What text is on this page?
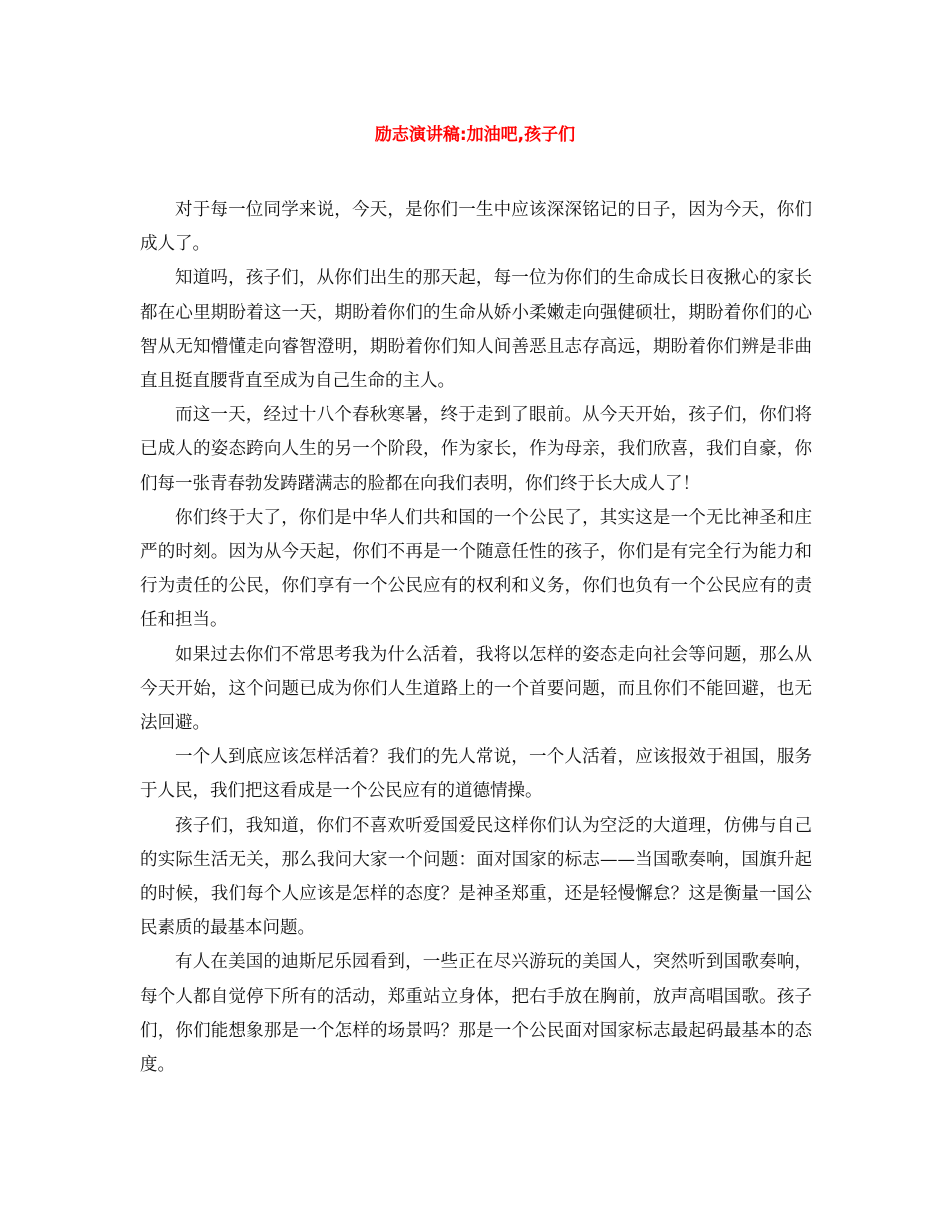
励志演讲稿:加油吧,孩子们

对于每一位同学来说，今天，是你们一生中应该深深铭记的日子，因为今天，你们成人了。

知道吗，孩子们，从你们出生的那天起，每一位为你们的生命成长日夜揪心的家长都在心里期盼着这一天，期盼着你们的生命从娇小柔嫩走向强健硕壮，期盼着你们的心智从无知懵懂走向睿智澄明，期盼着你们知人间善恶且志存高远，期盼着你们辨是非曲直且挺直腰背直至成为自己生命的主人。

而这一天，经过十八个春秋寒暑，终于走到了眼前。从今天开始，孩子们，你们将已成人的姿态跨向人生的另一个阶段，作为家长，作为母亲，我们欣喜，我们自豪，你们每一张青春勃发踌躇满志的脸都在向我们表明，你们终于长大成人了！

你们终于大了，你们是中华人们共和国的一个公民了，其实这是一个无比神圣和庄严的时刻。因为从今天起，你们不再是一个随意任性的孩子，你们是有完全行为能力和行为责任的公民，你们享有一个公民应有的权利和义务，你们也负有一个公民应有的责任和担当。

如果过去你们不常思考我为什么活着，我将以怎样的姿态走向社会等问题，那么从今天开始，这个问题已成为你们人生道路上的一个首要问题，而且你们不能回避，也无法回避。

一个人到底应该怎样活着？我们的先人常说，一个人活着，应该报效于祖国，服务于人民，我们把这看成是一个公民应有的道德情操。

孩子们，我知道，你们不喜欢听爱国爱民这样你们认为空泛的大道理，仿佛与自己的实际生活无关，那么我问大家一个问题：面对国家的标志——当国歌奏响，国旗升起的时候，我们每个人应该是怎样的态度？是神圣郑重，还是轻慢懈怠？这是衡量一国公民素质的最基本问题。

有人在美国的迪斯尼乐园看到，一些正在尽兴游玩的美国人，突然听到国歌奏响，每个人都自觉停下所有的活动，郑重站立身体，把右手放在胸前，放声高唱国歌。孩子们，你们能想象那是一个怎样的场景吗？那是一个公民面对国家标志最起码最基本的态度。
